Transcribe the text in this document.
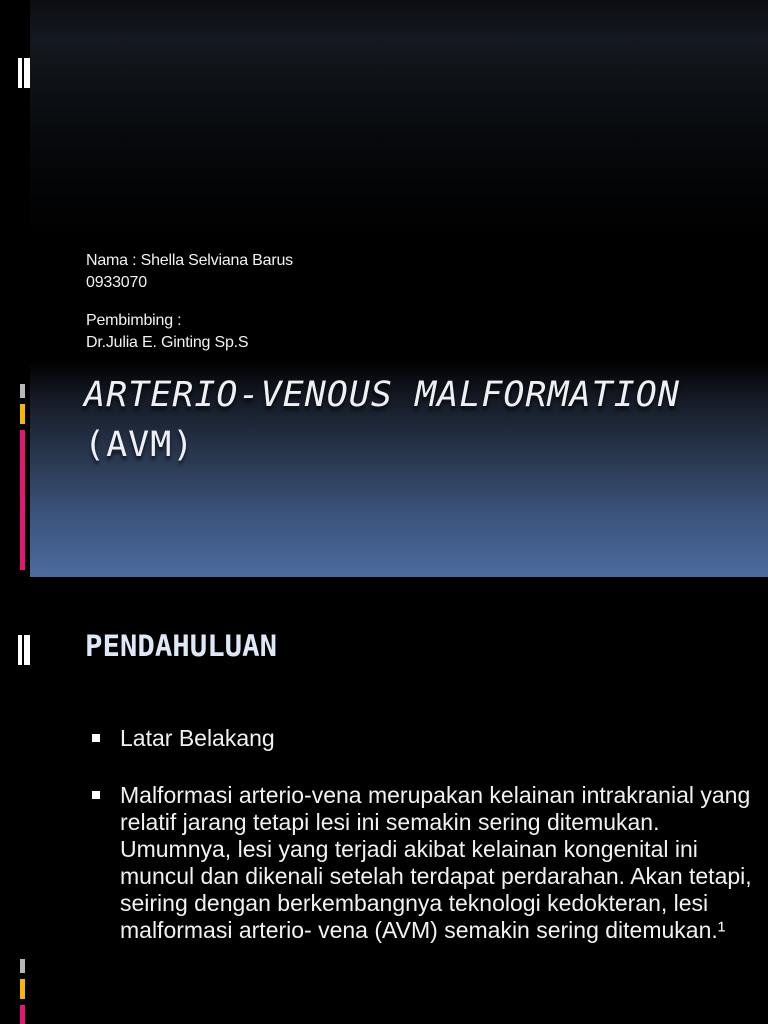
Nama : Shella Selviana Barus
0933070
Pembimbing :
Dr.Julia E. Ginting Sp.S
ARTERIO-VENOUS MALFORMATION
(AVM)
PENDAHULUAN
Latar Belakang
Malformasi arterio-vena merupakan kelainan intrakranial yang relatif jarang tetapi lesi ini semakin sering ditemukan. Umumnya, lesi yang terjadi akibat kelainan kongenital ini muncul dan dikenali setelah terdapat perdarahan. Akan tetapi, seiring dengan berkembangnya teknologi kedokteran, lesi malformasi arterio- vena (AVM) semakin sering ditemukan.¹
